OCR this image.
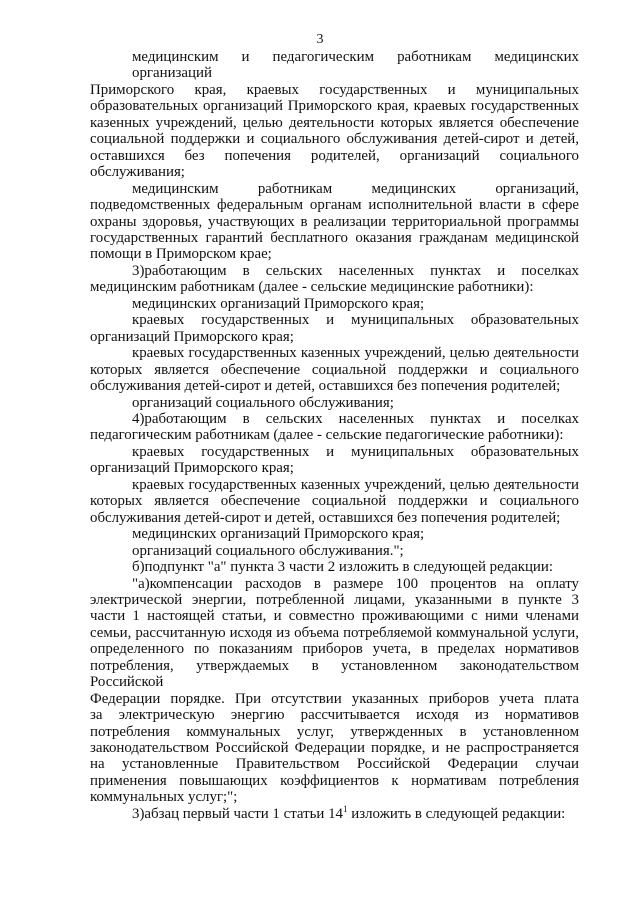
3
медицинским и педагогическим работникам медицинских организаций
Приморского края, краевых государственных и муниципальных
образовательных организаций Приморского края, краевых государственных
казенных учреждений, целью деятельности которых является обеспечение
социальной поддержки и социального обслуживания детей-сирот и детей,
оставшихся без попечения родителей, организаций социального
обслуживания;
медицинским работникам медицинских организаций,
подведомственных федеральным органам исполнительной власти в сфере
охраны здоровья, участвующих в реализации территориальной программы
государственных гарантий бесплатного оказания гражданам медицинской
помощи в Приморском крае;
3)работающим в сельских населенных пунктах и поселках
медицинским работникам (далее - сельские медицинские работники):
медицинских организаций Приморского края;
краевых государственных и муниципальных образовательных
организаций Приморского края;
краевых государственных казенных учреждений, целью деятельности
которых является обеспечение социальной поддержки и социального
обслуживания детей-сирот и детей, оставшихся без попечения родителей;
организаций социального обслуживания;
4)работающим в сельских населенных пунктах и поселках
педагогическим работникам (далее - сельские педагогические работники):
краевых государственных и муниципальных образовательных
организаций Приморского края;
краевых государственных казенных учреждений, целью деятельности
которых является обеспечение социальной поддержки и социального
обслуживания детей-сирот и детей, оставшихся без попечения родителей;
медицинских организаций Приморского края;
организаций социального обслуживания.";
б)подпункт "а" пункта 3 части 2 изложить в следующей редакции:
"а)компенсации расходов в размере 100 процентов на оплату
электрической энергии, потребленной лицами, указанными в пункте 3
части 1 настоящей статьи, и совместно проживающими с ними членами
семьи, рассчитанную исходя из объема потребляемой коммунальной услуги,
определенного по показаниям приборов учета, в пределах нормативов
потребления, утверждаемых в установленном законодательством Российской
Федерации порядке. При отсутствии указанных приборов учета плата
за электрическую энергию рассчитывается исходя из нормативов
потребления коммунальных услуг, утвержденных в установленном
законодательством Российской Федерации порядке, и не распространяется
на установленные Правительством Российской Федерации случаи
применения повышающих коэффициентов к нормативам потребления
коммунальных услуг;";
3)абзац первый части 1 статьи $14^1$ изложить в следующей редакции:
